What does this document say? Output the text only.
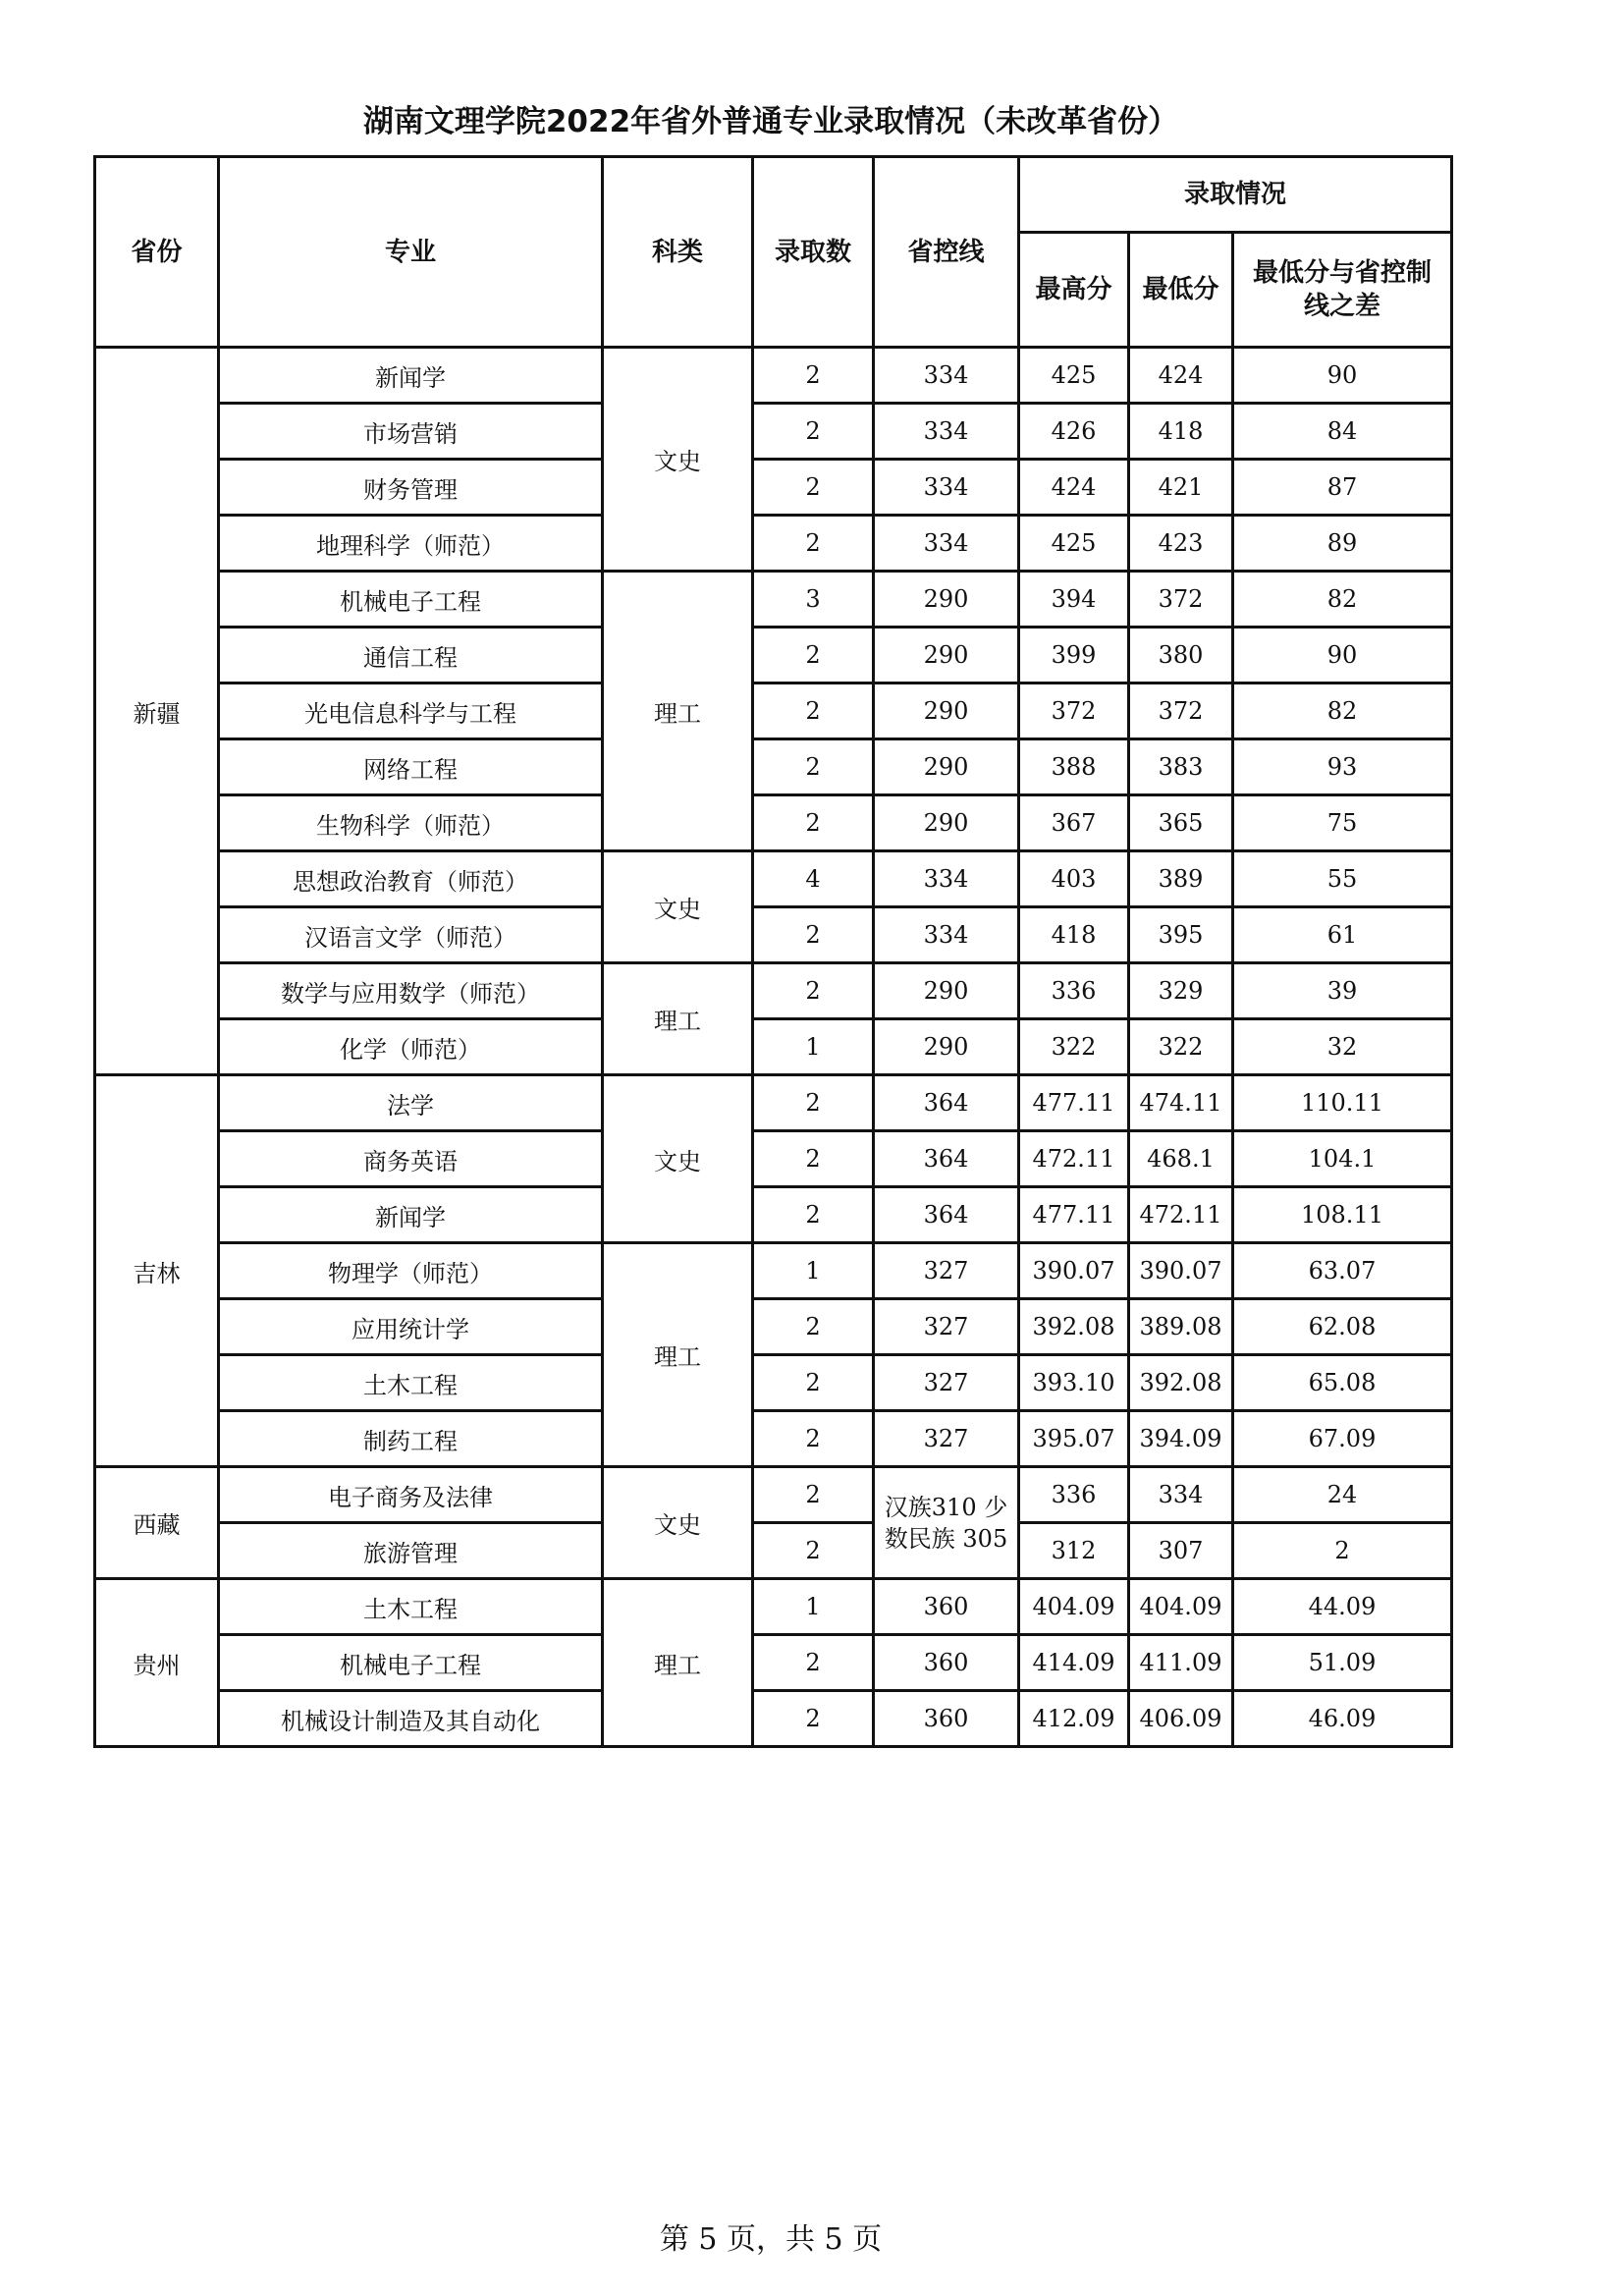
湖南文理学院2022年省外普通专业录取情况（未改革省份）
省份	专业	科类	录取数	省控线	录取情况		
					最高分	最低分	最低分与省控制线之差
新疆	新闻学	文史	2	334	425	424	90
	市场营销		2	334	426	418	84
	财务管理		2	334	424	421	87
	地理科学（师范）		2	334	425	423	89
	机械电子工程	理工	3	290	394	372	82
	通信工程		2	290	399	380	90
	光电信息科学与工程		2	290	372	372	82
	网络工程		2	290	388	383	93
	生物科学（师范）		2	290	367	365	75
	思想政治教育（师范）	文史	4	334	403	389	55
	汉语言文学（师范）		2	334	418	395	61
	数学与应用数学（师范）	理工	2	290	336	329	39
	化学（师范）		1	290	322	322	32
吉林	法学	文史	2	364	477.11	474.11	110.11
	商务英语		2	364	472.11	468.1	104.1
	新闻学		2	364	477.11	472.11	108.11
	物理学（师范）	理工	1	327	390.07	390.07	63.07
	应用统计学		2	327	392.08	389.08	62.08
	土木工程		2	327	393.10	392.08	65.08
	制药工程		2	327	395.07	394.09	67.09
西藏	电子商务及法律	文史	2	汉族310 少数民族 305	336	334	24
	旅游管理		2		312	307	2
贵州	土木工程	理工	1	360	404.09	404.09	44.09
	机械电子工程		2	360	414.09	411.09	51.09
	机械设计制造及其自动化		2	360	412.09	406.09	46.09
第 5 页，共 5 页
